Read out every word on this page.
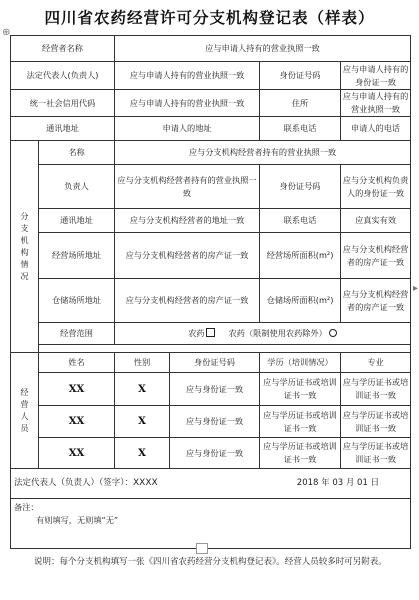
四川省农药经营许可分支机构登记表（样表）
⊕
▸
经营者名称		应与申请人持有的营业执照一致			
法定代表人(负责人)		应与申请人持有的营业执照一致		身份证号码	应与申请人持有的身份证一致
统一社会信用代码		应与申请人持有的营业执照一致		住所	应与申请人持有的营业执照一致
通讯地址		申请人的地址		联系电话	申请人的电话
分支机构情况	名称	应与分支机构经营者持有的营业执照一致			
	负责人	应与分支机构经营者持有的营业执照一致		身份证号码	应与分支机构负责人的身份证一致
	通讯地址	应与分支机构经营者的地址一致		联系电话	应真实有效
	经营场所地址	应与分支机构经营者的房产证一致		经营场所面积(m²)	应与分支机构经营者的房产证一致
	仓储场所地址	应与分支机构经营者的房产证一致		仓储场所面积(m²)	应与分支机构经营者的房产证一致
	经营范围	农药 农药（限制使用农药除外）			

经营人员	姓名	性别	身份证号码	学历（培训情况）	专业
	XX	X	应与身份证一致	应与学历证书或培训证书一致	应与学历证书或培训证书一致
	XX	X	应与身份证一致	应与学历证书或培训证书一致	应与学历证书或培训证书一致
	XX	X	应与身份证一致	应与学历证书或培训证书一致	应与学历证书或培训证书一致
法定代表人（负责人）（签字）：XXXX 2018 年 03 月 01 日					

备注：
有则填写，无则填“无”					
说明：每个分支机构填写一张《四川省农药经营分支机构登记表》。经营人员较多时可另附表。
